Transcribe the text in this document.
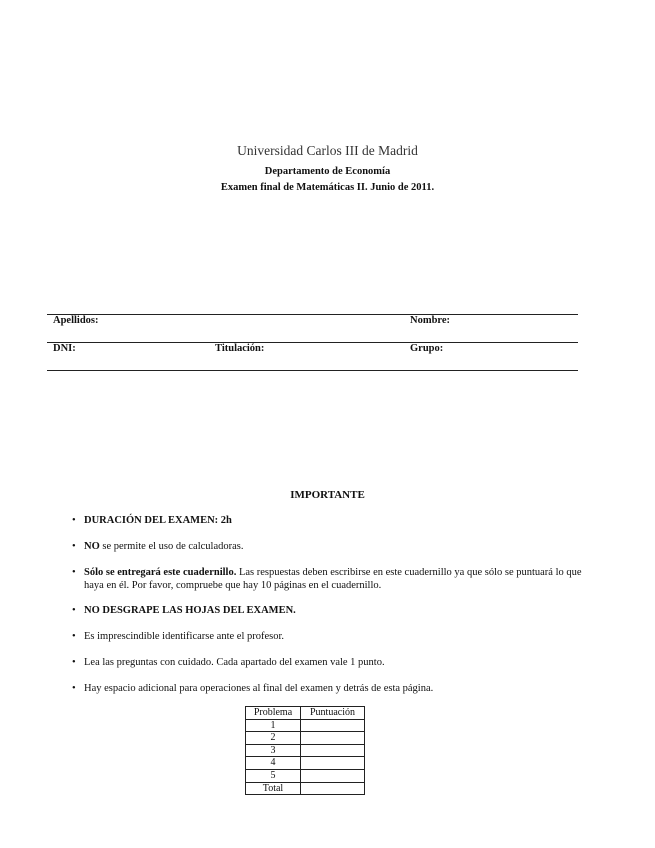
Universidad Carlos III de Madrid
Departamento de Economía
Examen final de Matemáticas II. Junio de 2011.
Apellidos:	Nombre:
DNI:	Titulación:	Grupo:
IMPORTANTE
• DURACIÓN DEL EXAMEN: 2h
• NO se permite el uso de calculadoras.
• Sólo se entregará este cuadernillo. Las respuestas deben escribirse en este cuadernillo ya que sólo se puntuará lo que haya en él. Por favor, compruebe que hay 10 páginas en el cuadernillo.
• NO DESGRAPE LAS HOJAS DEL EXAMEN.
• Es imprescindible identificarse ante el profesor.
• Lea las preguntas con cuidado. Cada apartado del examen vale 1 punto.
• Hay espacio adicional para operaciones al final del examen y detrás de esta página.
Problema	Puntuación
1	
2	
3	
4	
5	
Total	
